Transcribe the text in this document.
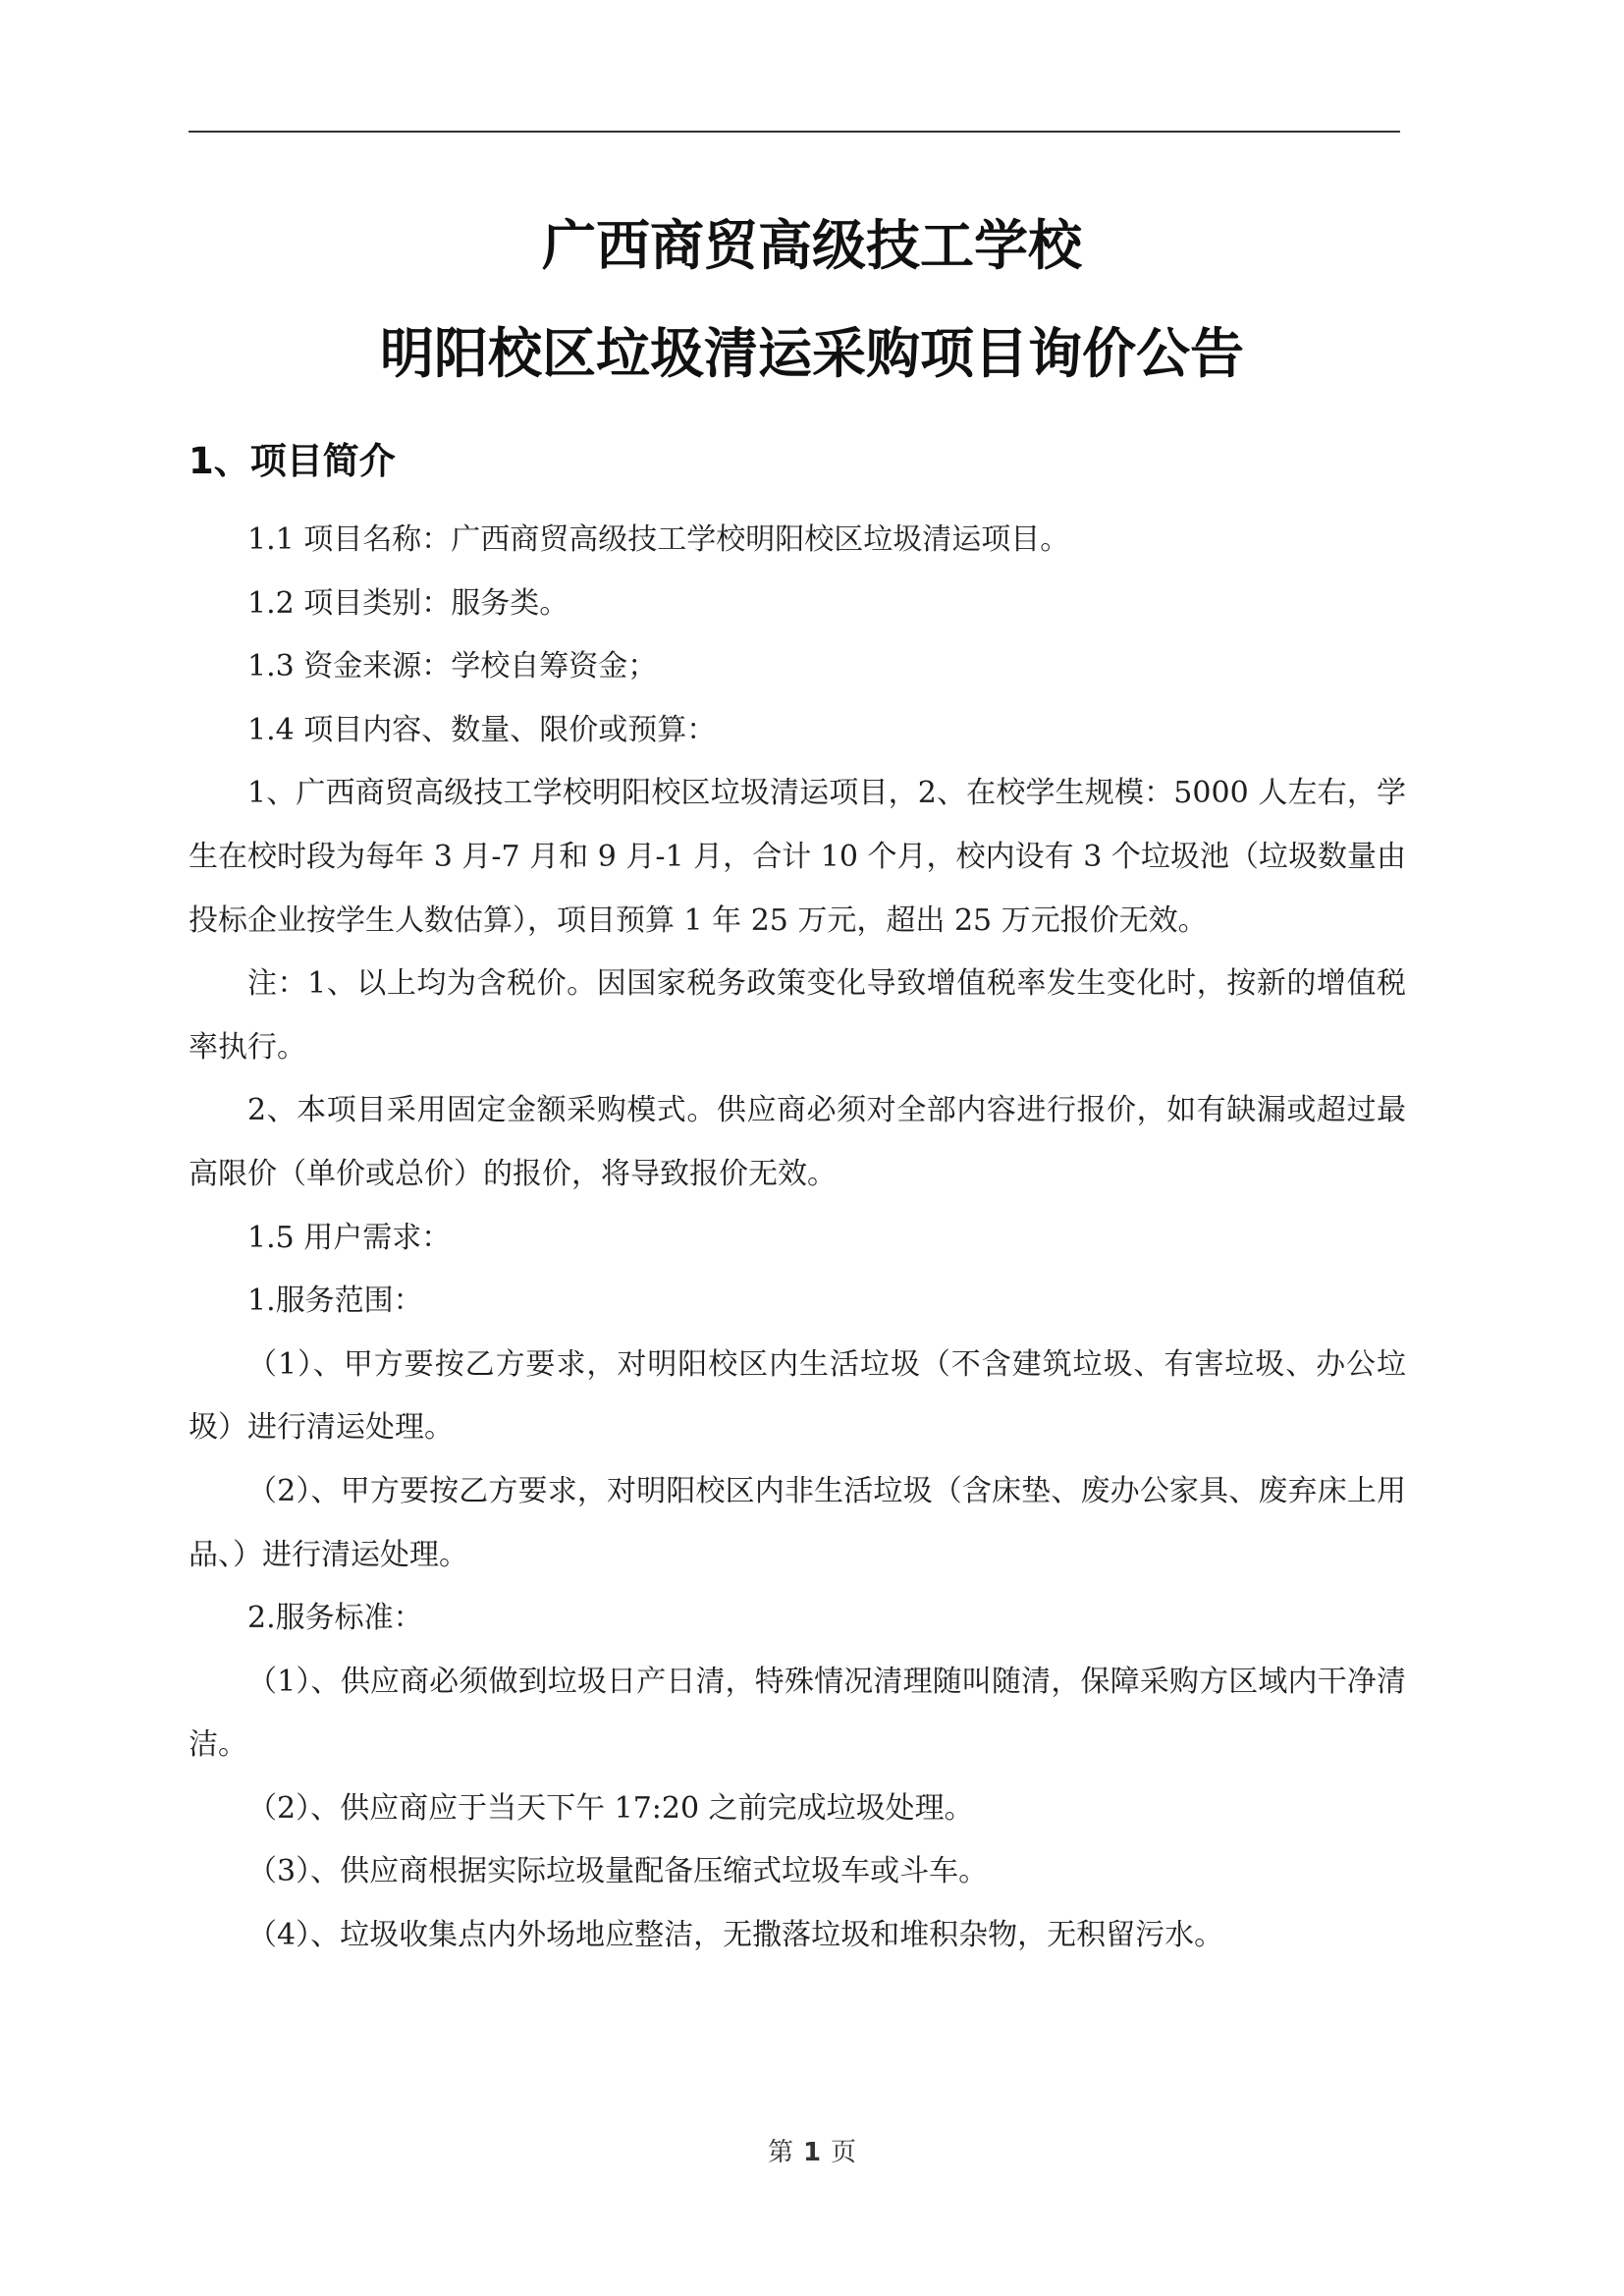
广西商贸高级技工学校
明阳校区垃圾清运采购项目询价公告
1、项目简介

1.1 项目名称：广西商贸高级技工学校明阳校区垃圾清运项目。

1.2 项目类别：服务类。

1.3 资金来源：学校自筹资金；

1.4 项目内容、数量、限价或预算：

1、广西商贸高级技工学校明阳校区垃圾清运项目，2、在校学生规模：5000 人左右，学生在校时段为每年 3 月-7 月和 9 月-1 月，合计 10 个月，校内设有 3 个垃圾池（垃圾数量由投标企业按学生人数估算），项目预算 1 年 25 万元，超出 25 万元报价无效。

注：1、以上均为含税价。因国家税务政策变化导致增值税率发生变化时，按新的增值税率执行。

2、本项目采用固定金额采购模式。供应商必须对全部内容进行报价，如有缺漏或超过最高限价（单价或总价）的报价，将导致报价无效。

1.5 用户需求：

1.服务范围：

（1）、甲方要按乙方要求，对明阳校区内生活垃圾（不含建筑垃圾、有害垃圾、办公垃圾）进行清运处理。

（2）、甲方要按乙方要求，对明阳校区内非生活垃圾（含床垫、废办公家具、废弃床上用品、）进行清运处理。

2.服务标准：

（1）、供应商必须做到垃圾日产日清，特殊情况清理随叫随清，保障采购方区域内干净清洁。

（2）、供应商应于当天下午 17:20 之前完成垃圾处理。

（3）、供应商根据实际垃圾量配备压缩式垃圾车或斗车。

（4）、垃圾收集点内外场地应整洁，无撒落垃圾和堆积杂物，无积留污水。

第 1 页
